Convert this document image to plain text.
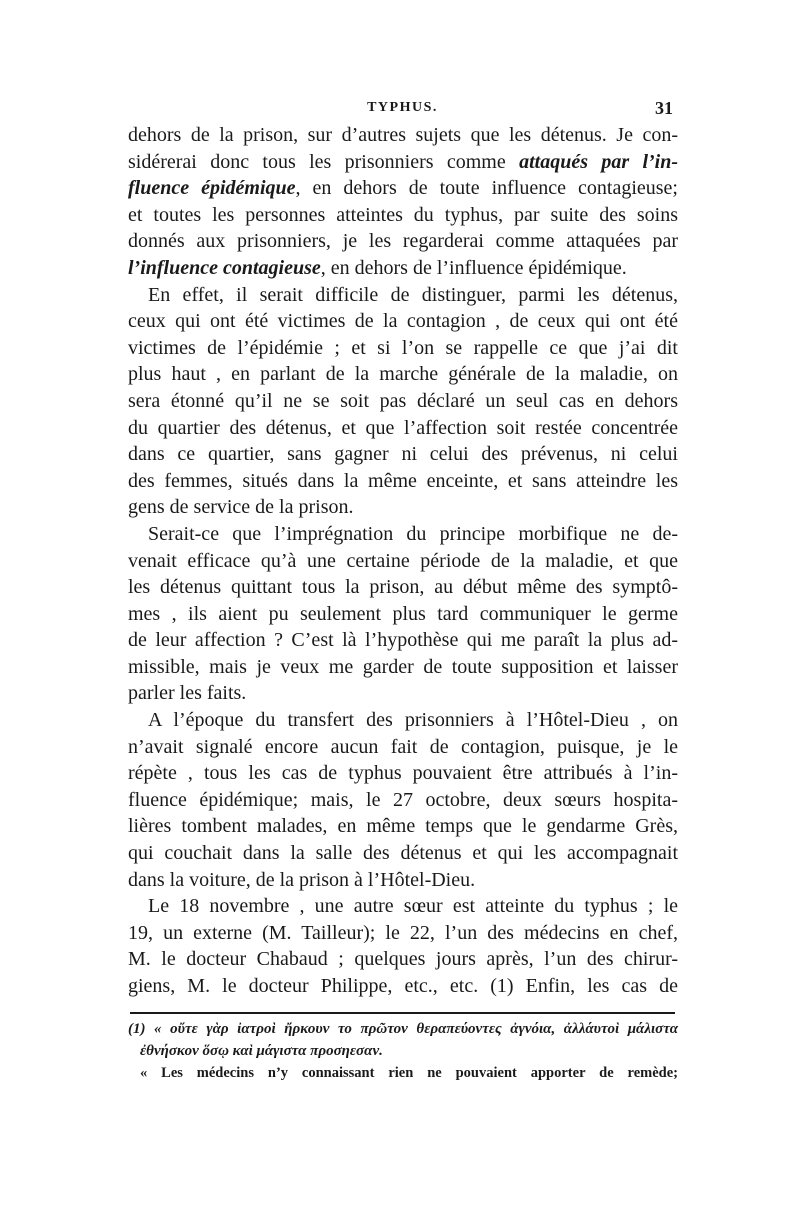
TYPHUS.	31
dehors de la prison, sur d’autres sujets que les détenus. Je con-
sidérerai donc tous les prisonniers comme attaqués par l’in-
fluence épidémique, en dehors de toute influence contagieuse;
et toutes les personnes atteintes du typhus, par suite des soins
donnés aux prisonniers, je les regarderai comme attaquées par
l’influence contagieuse, en dehors de l’influence épidémique.
En effet, il serait difficile de distinguer, parmi les détenus,
ceux qui ont été victimes de la contagion , de ceux qui ont été
victimes de l’épidémie ; et si l’on se rappelle ce que j’ai dit
plus haut , en parlant de la marche générale de la maladie, on
sera étonné qu’il ne se soit pas déclaré un seul cas en dehors
du quartier des détenus, et que l’affection soit restée concentrée
dans ce quartier, sans gagner ni celui des prévenus, ni celui
des femmes, situés dans la même enceinte, et sans atteindre les
gens de service de la prison.
Serait-ce que l’imprégnation du principe morbifique ne de-
venait efficace qu’à une certaine période de la maladie, et que
les détenus quittant tous la prison, au début même des symptô-
mes , ils aient pu seulement plus tard communiquer le germe
de leur affection ? C’est là l’hypothèse qui me paraît la plus ad-
missible, mais je veux me garder de toute supposition et laisser
parler les faits.
A l’époque du transfert des prisonniers à l’Hôtel-Dieu , on
n’avait signalé encore aucun fait de contagion, puisque, je le
répète , tous les cas de typhus pouvaient être attribués à l’in-
fluence épidémique; mais, le 27 octobre, deux sœurs hospita-
lières tombent malades, en même temps que le gendarme Grès,
qui couchait dans la salle des détenus et qui les accompagnait
dans la voiture, de la prison à l’Hôtel-Dieu.
Le 18 novembre , une autre sœur est atteinte du typhus ; le
19, un externe (M. Tailleur); le 22, l’un des médecins en chef,
M. le docteur Chabaud ; quelques jours après, l’un des chirur-
giens, M. le docteur Philippe, etc., etc. (1) Enfin, les cas de
(1) « οὔτε γὰρ ἰατροὶ ἤρκουν το πρῶτον θεραπεύοντες ἀγνόια, ἀλλάυτοὶ μάλιστα
ἐθνήσκον ὅσῳ καὶ μάγιστα προσηεσαν.
« Les médecins n’y connaissant rien ne pouvaient apporter de remède;
